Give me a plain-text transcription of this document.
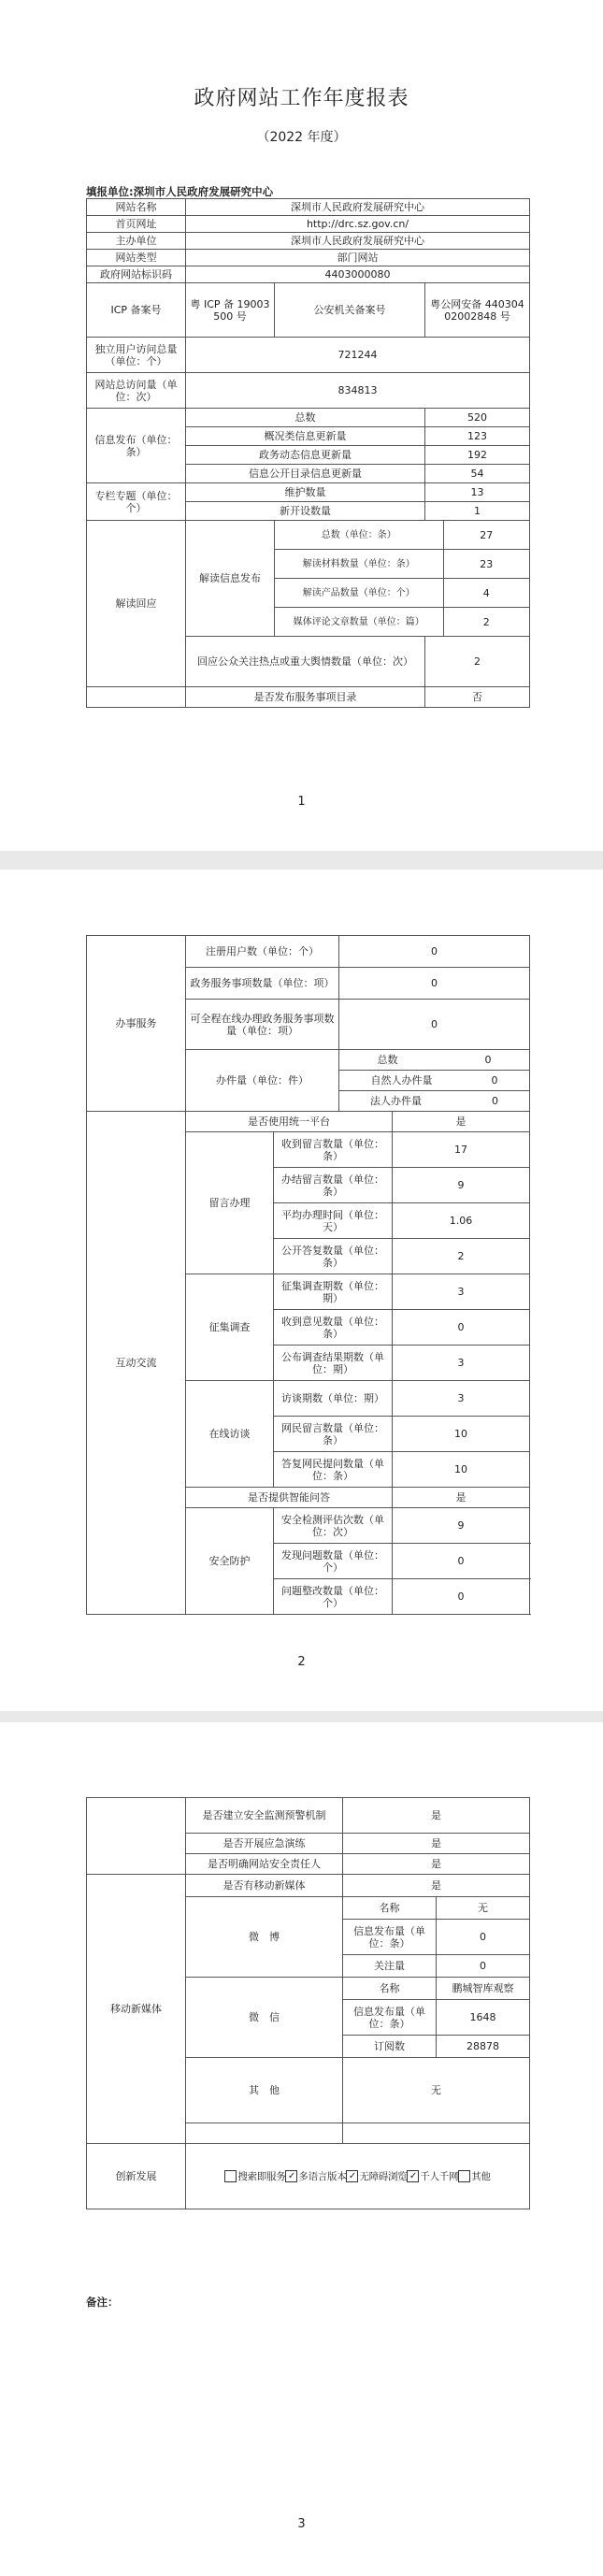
政府网站工作年度报表
（2022 年度）
填报单位:深圳市人民政府发展研究中心
网站名称	深圳市人民政府发展研究中心		
首页网址	http://drc.sz.gov.cn/		
主办单位	深圳市人民政府发展研究中心		
网站类型	部门网站		
政府网站标识码	4403000080		
ICP 备案号	粤 ICP 备 19003500 号	公安机关备案号	粤公网安备 44030402002848 号
独立用户访问总量（单位：个）	721244		
网站总访问量（单位：次）	834813		
信息发布（单位：条）	总数		520
	概况类信息更新量		123
	政务动态信息更新量		192
	信息公开目录信息更新量		54
专栏专题（单位：个）	维护数量		13
	新开设数量		1
解读回应	解读信息发布	总数（单位：条） 27	

解读材料数量（单位：条） 23	

解读产品数量（单位：个） 4	

媒体评论文章数量（单位：篇） 2	

	回应公众关注热点或重大舆情数量（单位：次）		2
	是否发布服务事项目录		否
1
办事服务	注册用户数（单位：个）		0	
	政务服务事项数量（单位：项）		0	
	可全程在线办理政务服务事项数量（单位：项）		0	
	办件量（单位：件）		总数 0	
			自然人办件量 0	
			法人办件量 0	
互动交流	是否使用统一平台			是
	留言办理	收到留言数量（单位：条）		17
		办结留言数量（单位：条）		9
		平均办理时间（单位：天）		1.06
		公开答复数量（单位：条）		2
	征集调查	征集调查期数（单位：期）		3
		收到意见数量（单位：条）		0
		公布调查结果期数（单位：期）		3
	在线访谈	访谈期数（单位：期）		3
		网民留言数量（单位：条）		10
		答复网民提问数量（单位：条）		10
	是否提供智能问答			是
	安全防护	安全检测评估次数（单位：次）		9
		发现问题数量（单位：个）		0
		问题整改数量（单位：个）		0
2
	是否建立安全监测预警机制	是	
	是否开展应急演练	是	
	是否明确网站安全责任人	是	
移动新媒体	是否有移动新媒体	是	
	微　博	名称	无
		信息发布量（单位：条）	0
		关注量	0
	微　信	名称	鹏城智库观察
		信息发布量（单位：条）	1648
		订阅数	28878
	其　他	无	

创新发展	搜索即服务 ✓ 多语言版本 ✓ 无障碍浏览 ✓ 千人千网 其他		
备注：
3
